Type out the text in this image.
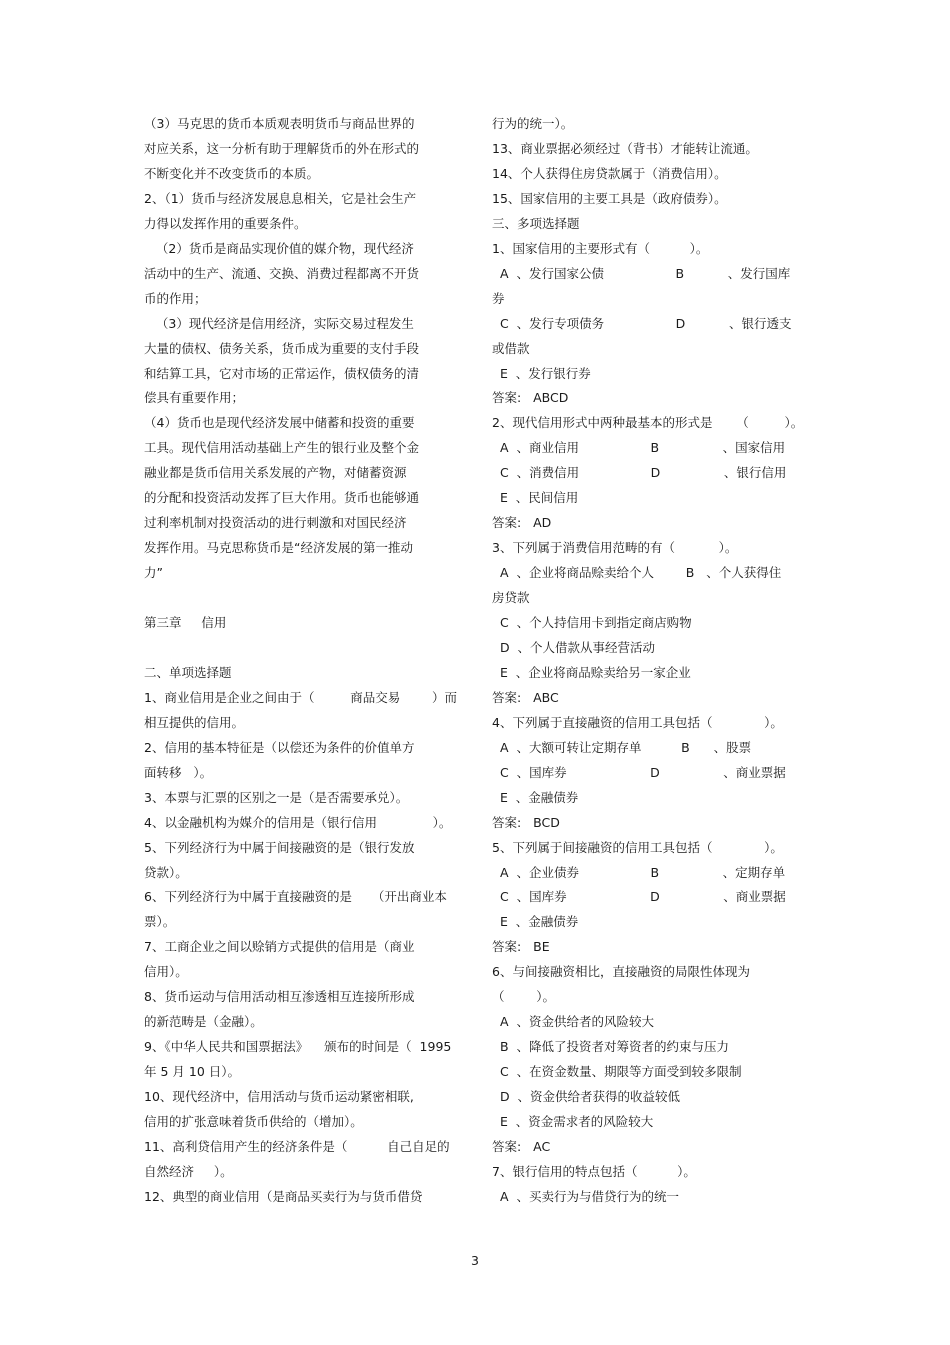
（3）马克思的货币本质观表明货币与商品世界的
对应关系，这一分析有助于理解货币的外在形式的
不断变化并不改变货币的本质。
2、（1）货币与经济发展息息相关，它是社会生产
力得以发挥作用的重要条件。
（2）货币是商品实现价值的媒介物，现代经济
活动中的生产、流通、交换、消费过程都离不开货
币的作用；
（3）现代经济是信用经济，实际交易过程发生
大量的债权、债务关系，货币成为重要的支付手段
和结算工具，它对市场的正常运作，债权债务的清
偿具有重要作用；
（4）货币也是现代经济发展中储蓄和投资的重要
工具。现代信用活动基础上产生的银行业及整个金
融业都是货币信用关系发展的产物，对储蓄资源
的分配和投资活动发挥了巨大作用。货币也能够通
过利率机制对投资活动的进行刺激和对国民经济
发挥作用。马克思称货币是“经济发展的第一推动
力”
第三章     信用
二、单项选择题
1、商业信用是企业之间由于（         商品交易        ）而
相互提供的信用。
2、信用的基本特征是（以偿还为条件的价值单方
面转移   ）。
3、本票与汇票的区别之一是（是否需要承兑）。
4、以金融机构为媒介的信用是（银行信用              ）。
5、下列经济行为中属于间接融资的是（银行发放
贷款）。
6、下列经济行为中属于直接融资的是     （开出商业本
票）。
7、工商企业之间以赊销方式提供的信用是（商业
信用）。
8、货币运动与信用活动相互渗透相互连接所形成
的新范畴是（金融）。
9、《中华人民共和国票据法》    颁布的时间是（  1995
年 5 月 10 日）。
10、现代经济中，信用活动与货币运动紧密相联,
信用的扩张意味着货币供给的（增加）。
11、高利贷信用产生的经济条件是（          自己自足的
自然经济     ）。
12、典型的商业信用（是商品买卖行为与货币借贷
行为的统一）。
13、商业票据必须经过（背书）才能转让流通。
14、个人获得住房贷款属于（消费信用）。
15、国家信用的主要工具是（政府债券）。
三、多项选择题
1、国家信用的主要形式有（          ）。
A  、发行国家公债                  B           、发行国库
券
C  、发行专项债务                  D           、银行透支
或借款
E  、发行银行券
答案:   ABCD
2、现代信用形式中两种最基本的形式是      （         ）。
A  、商业信用                  B                、国家信用
C  、消费信用                  D                、银行信用
E  、民间信用
答案:   AD
3、下列属于消费信用范畴的有（           ）。
A  、企业将商品赊卖给个人        B   、个人获得住
房贷款
C  、个人持信用卡到指定商店购物
D  、个人借款从事经营活动
E  、企业将商品赊卖给另一家企业
答案:   ABC
4、下列属于直接融资的信用工具包括（             ）。
A  、大额可转让定期存单          B      、股票
C  、国库券                     D                、商业票据
E  、金融债券
答案:   BCD
5、下列属于间接融资的信用工具包括（             ）。
A  、企业债券                  B                、定期存单
C  、国库券                     D                、商业票据
E  、金融债券
答案:   BE
6、与间接融资相比，直接融资的局限性体现为
（        ）。
A  、资金供给者的风险较大
B  、降低了投资者对筹资者的约束与压力
C  、在资金数量、期限等方面受到较多限制
D  、资金供给者获得的收益较低
E  、资金需求者的风险较大
答案:   AC
7、银行信用的特点包括（          ）。
A  、买卖行为与借贷行为的统一
3
